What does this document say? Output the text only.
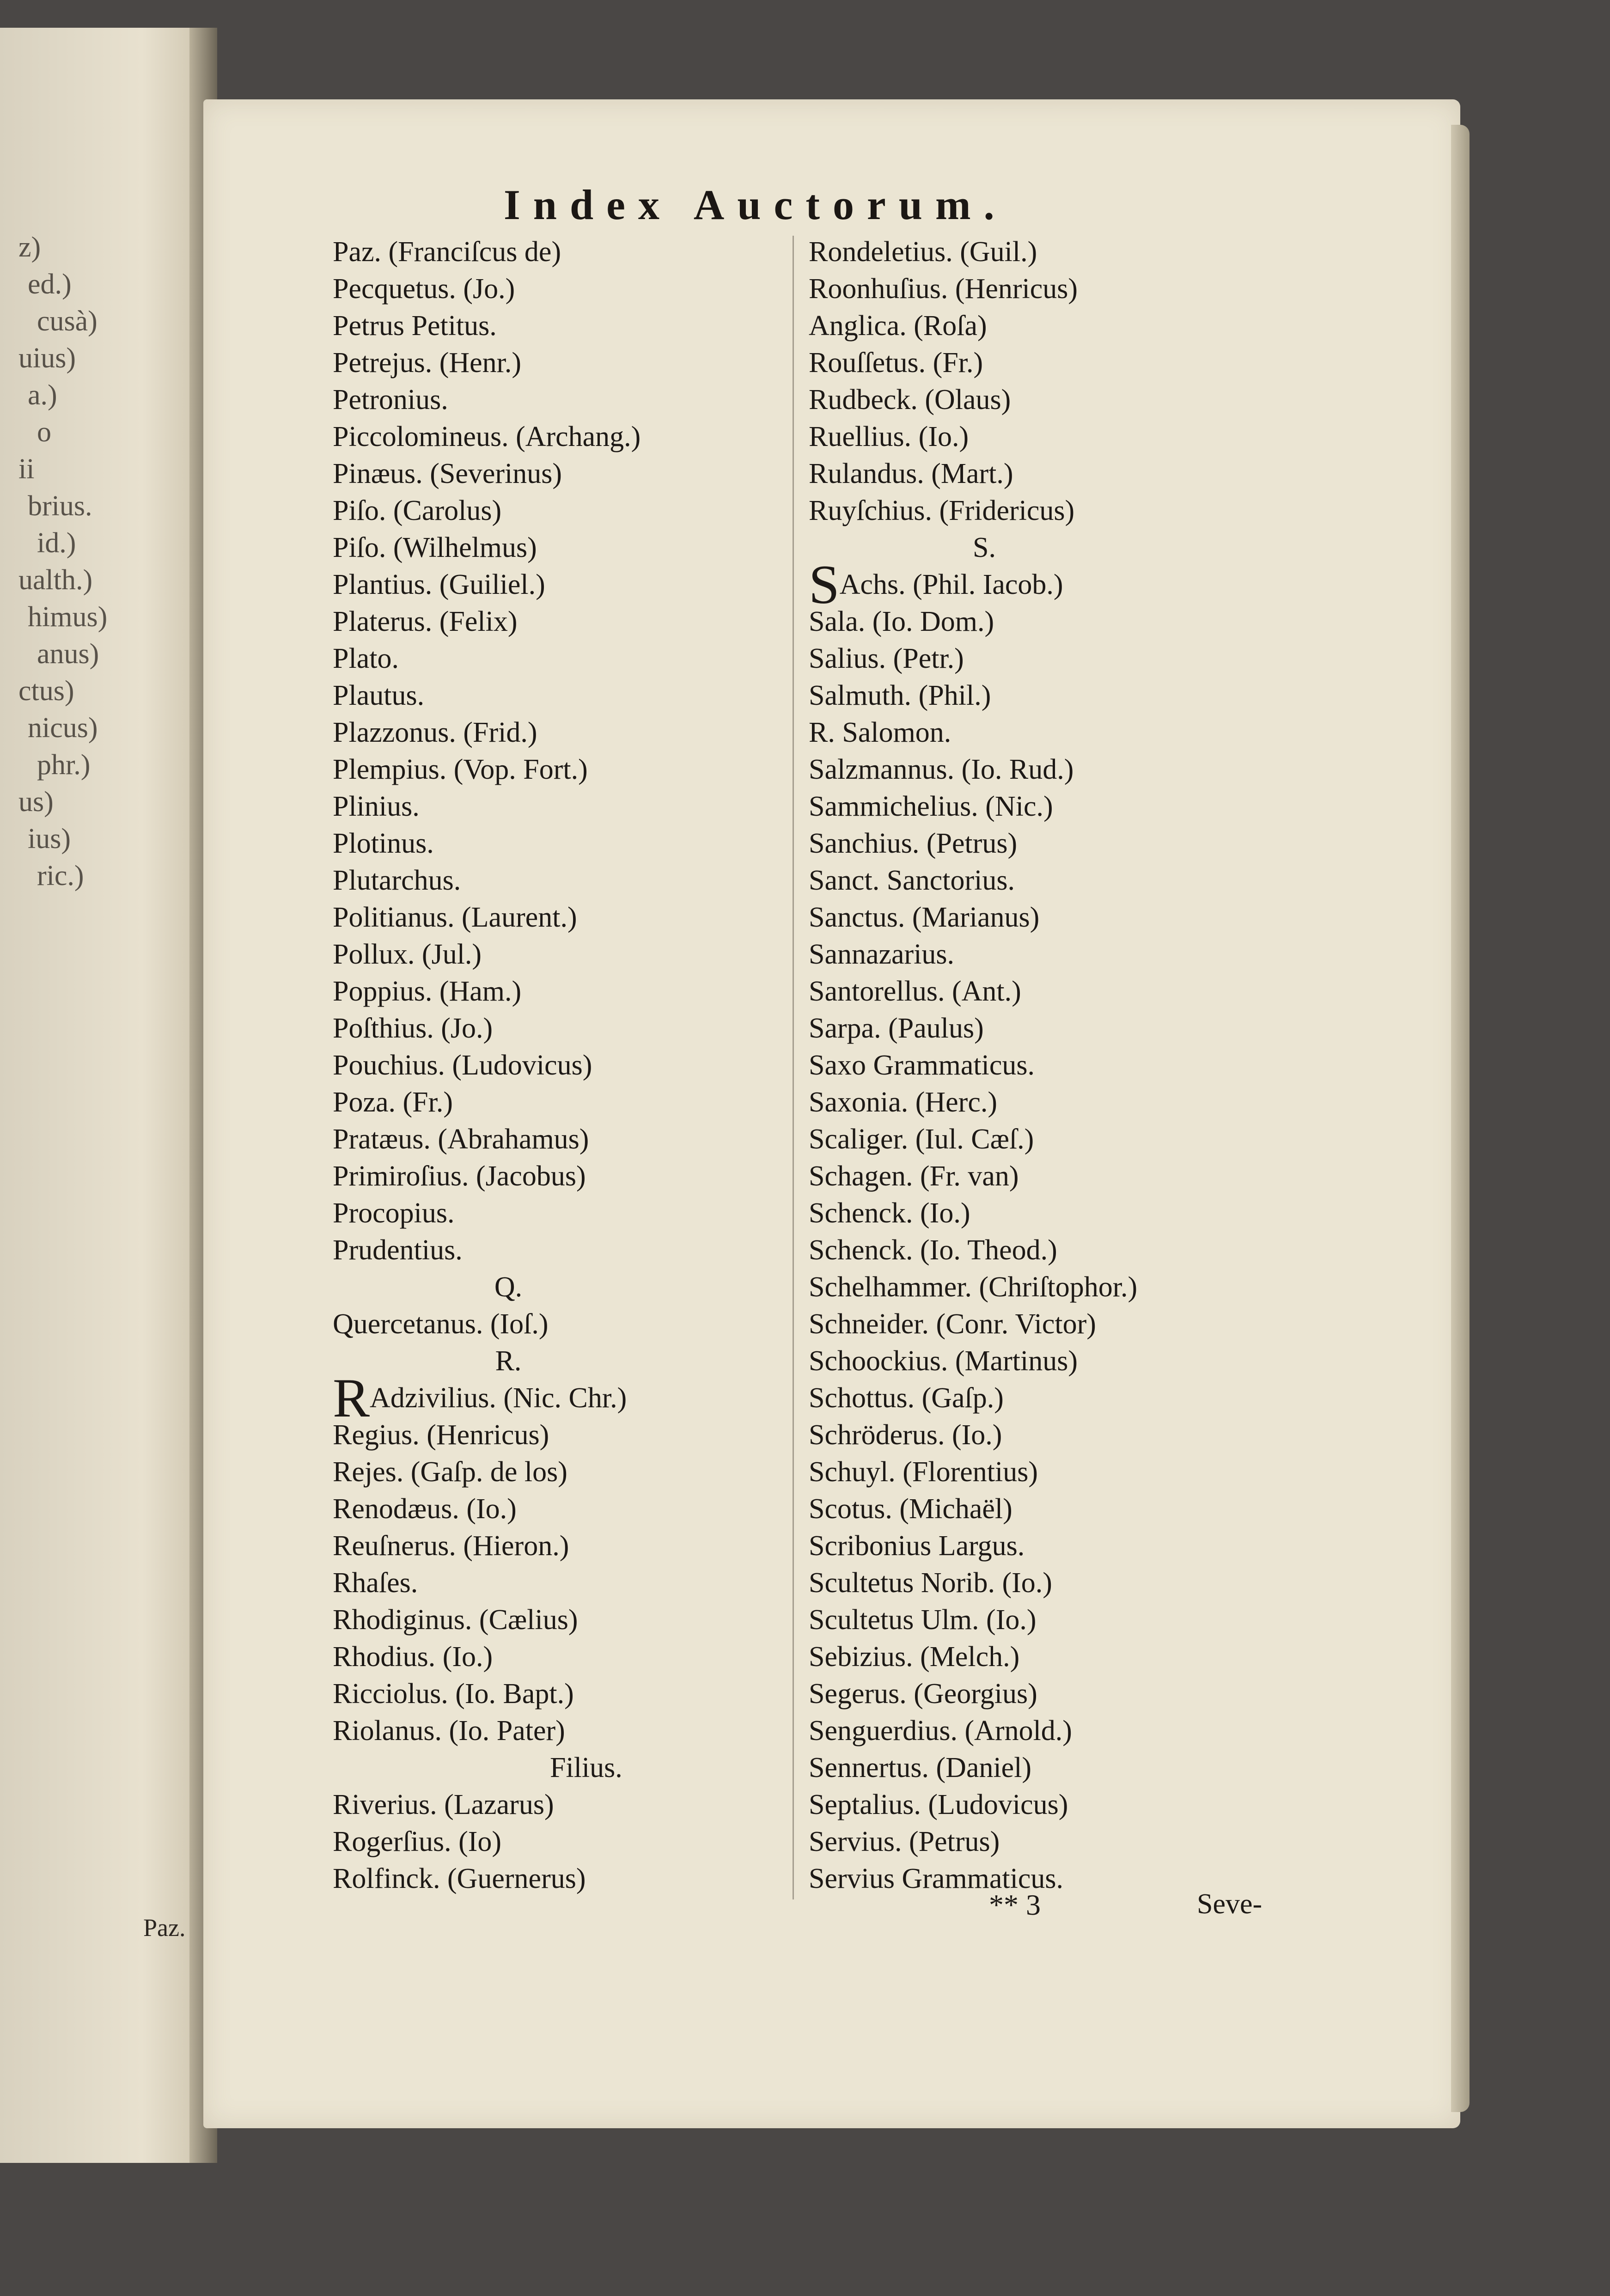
z)
ed.)
cusà)
uius)
a.)
o
ii
brius.
id.)
ualth.)
himus)
anus)
ctus)
nicus)
phr.)
us)
ius)
ric.)
Paz.
Index Auctorum.
Paz. (Franciſcus de)
Pecquetus. (Jo.)
Petrus Petitus.
Petrejus. (Henr.)
Petronius.
Piccolomineus. (Archang.)
Pinæus. (Severinus)
Piſo. (Carolus)
Piſo. (Wilhelmus)
Plantius. (Guiliel.)
Platerus. (Felix)
Plato.
Plautus.
Plazzonus. (Frid.)
Plempius. (Vop. Fort.)
Plinius.
Plotinus.
Plutarchus.
Politianus. (Laurent.)
Pollux. (Jul.)
Poppius. (Ham.)
Poſthius. (Jo.)
Pouchius. (Ludovicus)
Poza. (Fr.)
Pratæus. (Abrahamus)
Primiroſius. (Jacobus)
Procopius.
Prudentius.
Q.
Quercetanus. (Ioſ.)
R.
RAdzivilius. (Nic. Chr.)
Regius. (Henricus)
Rejes. (Gaſp. de los)
Renodæus. (Io.)
Reuſnerus. (Hieron.)
Rhaſes.
Rhodiginus. (Cælius)
Rhodius. (Io.)
Ricciolus. (Io. Bapt.)
Riolanus. (Io. Pater)
Filius.
Riverius. (Lazarus)
Rogerſius. (Io)
Rolfinck. (Guernerus)
Rondeletius. (Guil.)
Roonhuſius. (Henricus)
Anglica. (Roſa)
Rouſſetus. (Fr.)
Rudbeck. (Olaus)
Ruellius. (Io.)
Rulandus. (Mart.)
Ruyſchius. (Fridericus)
S.
SAchs. (Phil. Iacob.)
Sala. (Io. Dom.)
Salius. (Petr.)
Salmuth. (Phil.)
R. Salomon.
Salzmannus. (Io. Rud.)
Sammichelius. (Nic.)
Sanchius. (Petrus)
Sanct. Sanctorius.
Sanctus. (Marianus)
Sannazarius.
Santorellus. (Ant.)
Sarpa. (Paulus)
Saxo Grammaticus.
Saxonia. (Herc.)
Scaliger. (Iul. Cæſ.)
Schagen. (Fr. van)
Schenck. (Io.)
Schenck. (Io. Theod.)
Schelhammer. (Chriſtophor.)
Schneider. (Conr. Victor)
Schoockius. (Martinus)
Schottus. (Gaſp.)
Schröderus. (Io.)
Schuyl. (Florentius)
Scotus. (Michaël)
Scribonius Largus.
Scultetus Norib. (Io.)
Scultetus Ulm. (Io.)
Sebizius. (Melch.)
Segerus. (Georgius)
Senguerdius. (Arnold.)
Sennertus. (Daniel)
Septalius. (Ludovicus)
Servius. (Petrus)
Servius Grammaticus.
** 3	Seve-
